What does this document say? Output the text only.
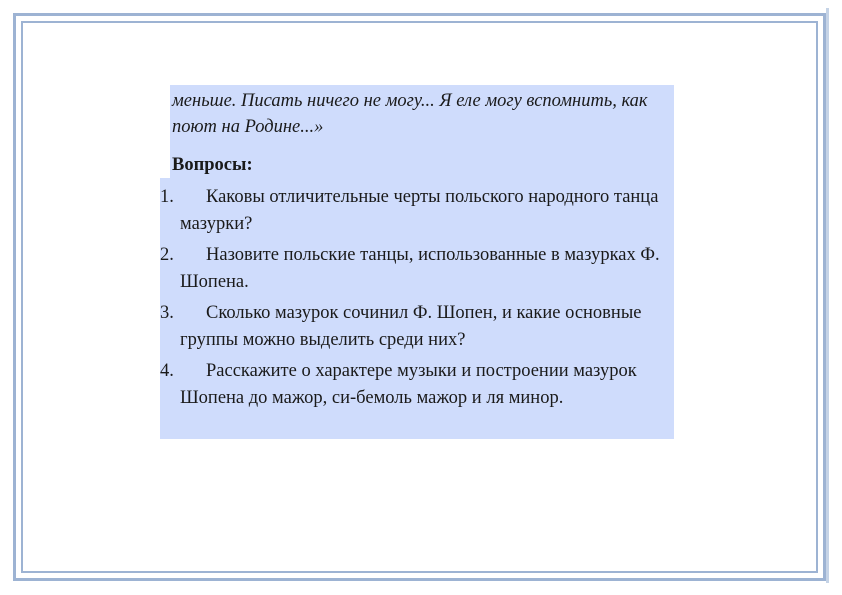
меньше. Писать ничего не могу... Я еле могу вспомнить, как поют на Родине...»

Вопросы:

1.	Каковы отличительные черты польского народного танца мазурки?
2.	Назовите польские танцы, использованные в мазурках Ф. Шопена.
3.	Сколько мазурок сочинил Ф. Шопен, и какие основные группы можно выделить среди них?
4.	Расскажите о характере музыки и построении мазурок Шопена до мажор, си-бемоль мажор и ля минор.
